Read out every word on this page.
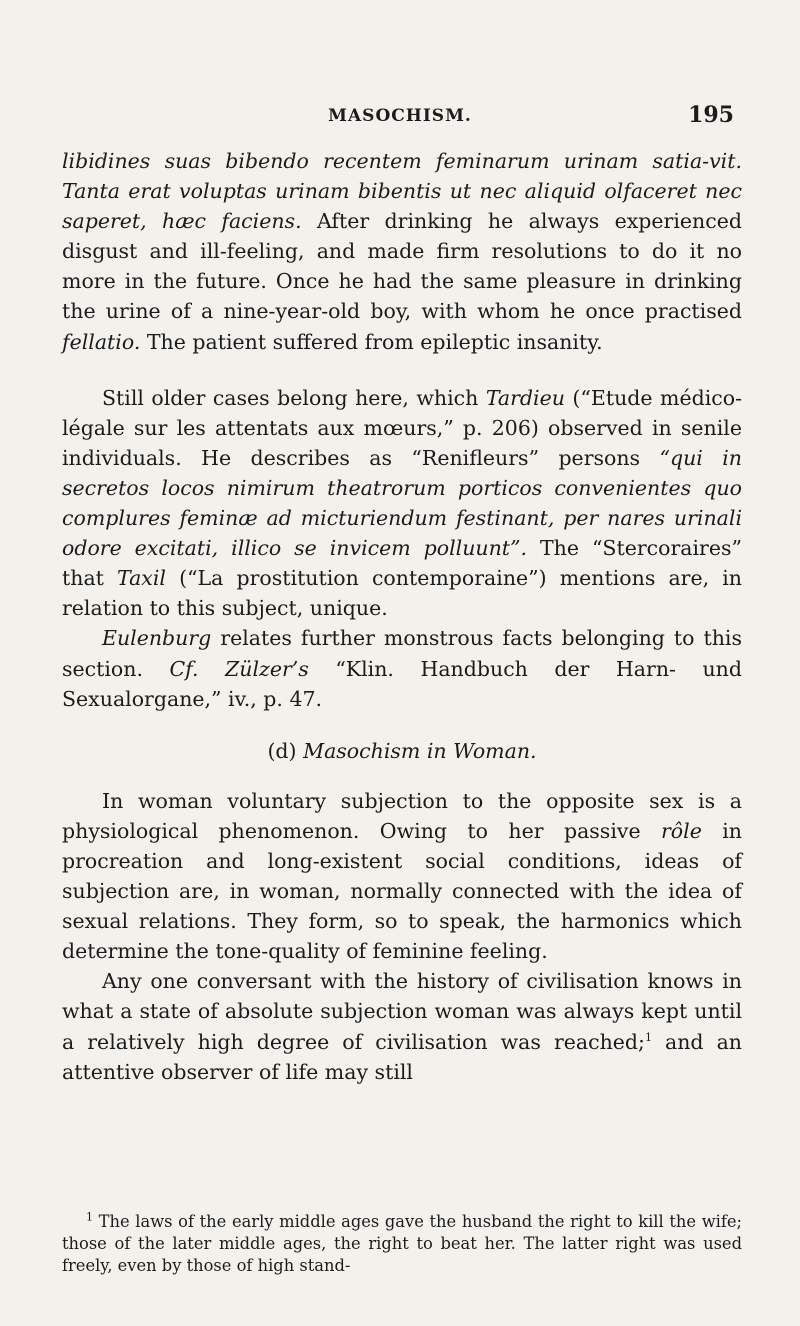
MASOCHISM.	195

libidines suas bibendo recentem feminarum urinam satia-vit. Tanta erat voluptas urinam bibentis ut nec aliquid olfaceret nec saperet, hæc faciens. After drinking he always experienced disgust and ill-feeling, and made firm resolutions to do it no more in the future. Once he had the same pleasure in drinking the urine of a nine-year-old boy, with whom he once practised fellatio. The patient suffered from epileptic insanity.

Still older cases belong here, which Tardieu (“Etude médico-légale sur les attentats aux mœurs,” p. 206) observed in senile individuals. He describes as “Renifleurs” persons “qui in secretos locos nimirum theatrorum porticos convenientes quo complures feminæ ad micturiendum festinant, per nares urinali odore excitati, illico se invicem polluunt”. The “Stercoraires” that Taxil (“La prostitution contemporaine”) mentions are, in relation to this subject, unique.

Eulenburg relates further monstrous facts belonging to this section. Cf. Zülzer’s “Klin. Handbuch der Harn- und Sexualorgane,” iv., p. 47.

(d) Masochism in Woman.

In woman voluntary subjection to the opposite sex is a physiological phenomenon. Owing to her passive rôle in procreation and long-existent social conditions, ideas of subjection are, in woman, normally connected with the idea of sexual relations. They form, so to speak, the harmonics which determine the tone-quality of feminine feeling.

Any one conversant with the history of civilisation knows in what a state of absolute subjection woman was always kept until a relatively high degree of civilisation was reached;$^1$ and an attentive observer of life may still

$^1$ The laws of the early middle ages gave the husband the right to kill the wife; those of the later middle ages, the right to beat her. The latter right was used freely, even by those of high stand-
